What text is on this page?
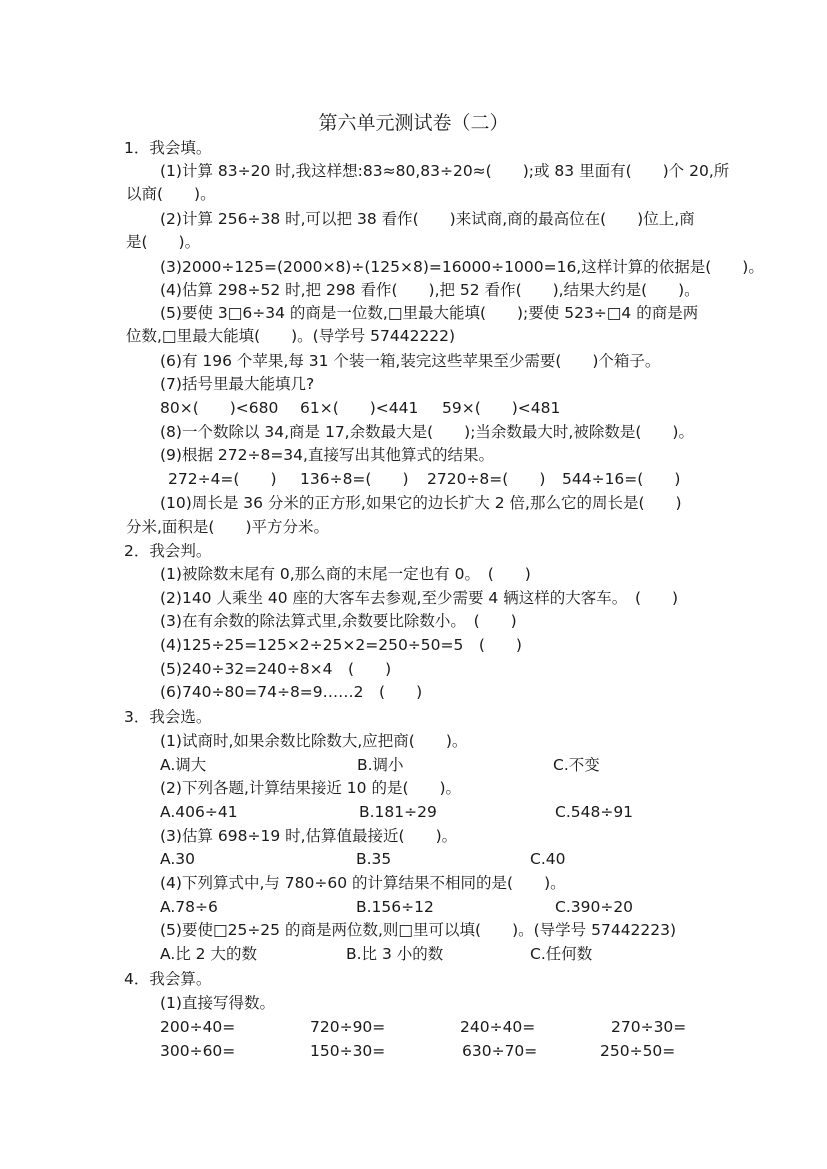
第六单元测试卷（二）
1．我会填。
(1)计算 83÷20 时,我这样想:83≈80,83÷20≈(　　);或 83 里面有(　　)个 20,所
以商(　　)。
(2)计算 256÷38 时,可以把 38 看作(　　)来试商,商的最高位在(　　)位上,商
是(　　)。
(3)2000÷125=(2000×8)÷(125×8)=16000÷1000=16,这样计算的依据是(　　)。
(4)估算 298÷52 时,把 298 看作(　　),把 52 看作(　　),结果大约是(　　)。
(5)要使 3□6÷34 的商是一位数,□里最大能填(　　);要使 523÷□4 的商是两
位数,□里最大能填(　　)。(导学号 57442222)
(6)有 196 个苹果,每 31 个装一箱,装完这些苹果至少需要(　　)个箱子。
(7)括号里最大能填几?
80×(　　)<680 61×(　　)<441 59×(　　)<481
(8)一个数除以 34,商是 17,余数最大是(　　);当余数最大时,被除数是(　　)。
(9)根据 272÷8=34,直接写出其他算式的结果。
272÷4=(　　) 136÷8=(　　) 2720÷8=(　　) 544÷16=(　　)
(10)周长是 36 分米的正方形,如果它的边长扩大 2 倍,那么它的周长是(　　)
分米,面积是(　　)平方分米。
2．我会判。
(1)被除数末尾有 0,那么商的末尾一定也有 0。　(　　)
(2)140 人乘坐 40 座的大客车去参观,至少需要 4 辆这样的大客车。　(　　)
(3)在有余数的除法算式里,余数要比除数小。　(　　)
(4)125÷25=125×2÷25×2=250÷50=5　(　　)
(5)240÷32=240÷8×4　(　　)
(6)740÷80=74÷8=9……2　(　　)
3．我会选。
(1)试商时,如果余数比除数大,应把商(　　)。
A.调大	B.调小	C.不变
(2)下列各题,计算结果接近 10 的是(　　)。
A.406÷41	B.181÷29	C.548÷91
(3)估算 698÷19 时,估算值最接近(　　)。
A.30	B.35	C.40
(4)下列算式中,与 780÷60 的计算结果不相同的是(　　)。
A.78÷6	B.156÷12	C.390÷20
(5)要使□25÷25 的商是两位数,则□里可以填(　　)。(导学号 57442223)
A.比 2 大的数	B.比 3 小的数	C.任何数
4．我会算。
(1)直接写得数。
200÷40=	720÷90=	240÷40=	270÷30=
300÷60=	150÷30=	630÷70=	250÷50=
